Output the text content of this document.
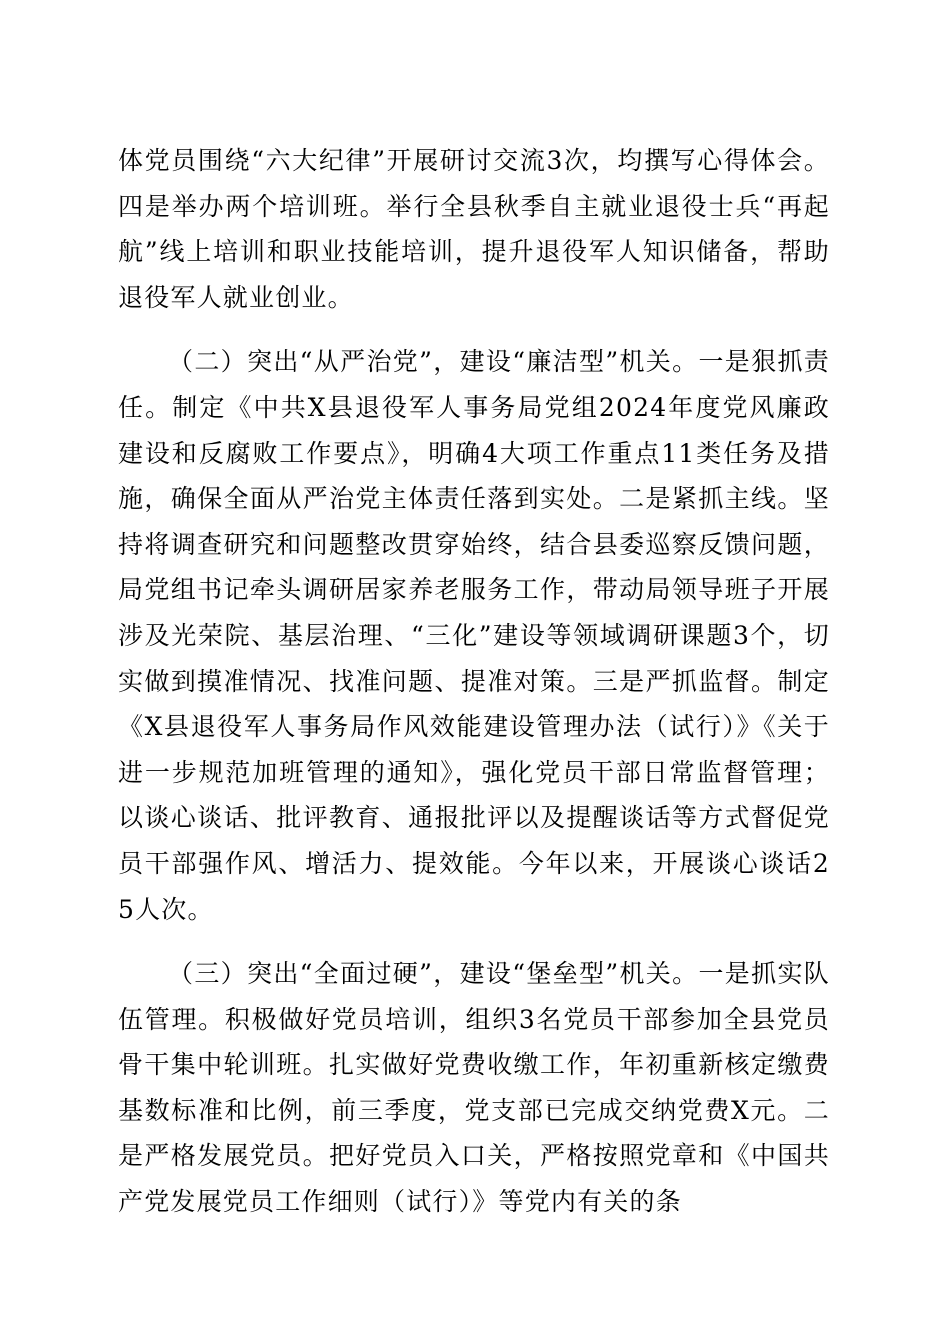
体党员围绕“六大纪律”开展研讨交流3次，均撰写心得体会。四是举办两个培训班。举行全县秋季自主就业退役士兵“再起航”线上培训和职业技能培训，提升退役军人知识储备，帮助退役军人就业创业。

（二）突出“从严治党”，建设“廉洁型”机关。一是狠抓责任。制定《中共X县退役军人事务局党组2024年度党风廉政建设和反腐败工作要点》，明确4大项工作重点11类任务及措施，确保全面从严治党主体责任落到实处。二是紧抓主线。坚持将调查研究和问题整改贯穿始终，结合县委巡察反馈问题，局党组书记牵头调研居家养老服务工作，带动局领导班子开展涉及光荣院、基层治理、“三化”建设等领域调研课题3个，切实做到摸准情况、找准问题、提准对策。三是严抓监督。制定《X县退役军人事务局作风效能建设管理办法（试行）》《关于进一步规范加班管理的通知》，强化党员干部日常监督管理；以谈心谈话、批评教育、通报批评以及提醒谈话等方式督促党员干部强作风、增活力、提效能。今年以来，开展谈心谈话25人次。

（三）突出“全面过硬”，建设“堡垒型”机关。一是抓实队伍管理。积极做好党员培训，组织3名党员干部参加全县党员骨干集中轮训班。扎实做好党费收缴工作，年初重新核定缴费基数标准和比例，前三季度，党支部已完成交纳党费X元。二是严格发展党员。把好党员入口关，严格按照党章和《中国共产党发展党员工作细则（试行）》等党内有关的条
